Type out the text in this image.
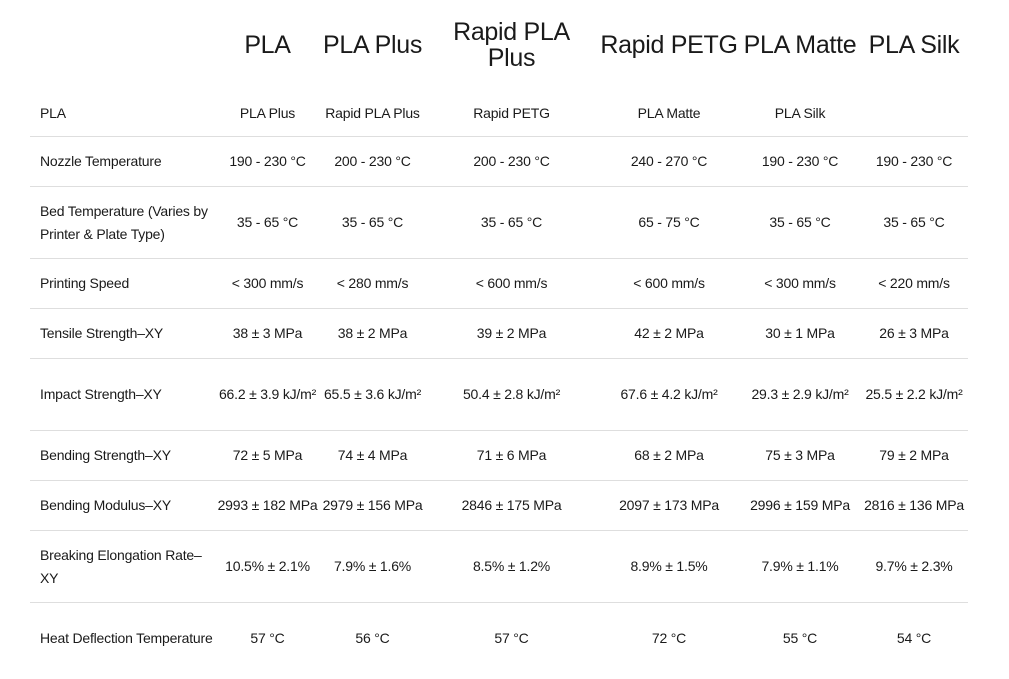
	PLA	PLA Plus	Rapid PLA Plus	Rapid PETG	PLA Matte	PLA Silk
PLA	PLA Plus	Rapid PLA Plus	Rapid PETG	PLA Matte	PLA Silk	
Nozzle Temperature	190 - 230 °C	200 - 230 °C	200 - 230 °C	240 - 270 °C	190 - 230 °C	190 - 230 °C
Bed Temperature (Varies by Printer & Plate Type)	35 - 65 °C	35 - 65 °C	35 - 65 °C	65 - 75 °C	35 - 65 °C	35 - 65 °C
Printing Speed	< 300 mm/s	< 280 mm/s	< 600 mm/s	< 600 mm/s	< 300 mm/s	< 220 mm/s
Tensile Strength–XY	38 ± 3 MPa	38 ± 2 MPa	39 ± 2 MPa	42 ± 2 MPa	30 ± 1 MPa	26 ± 3 MPa
Impact Strength–XY	66.2 ± 3.9 kJ/m²	65.5 ± 3.6 kJ/m²	50.4 ± 2.8 kJ/m²	67.6 ± 4.2 kJ/m²	29.3 ± 2.9 kJ/m²	25.5 ± 2.2 kJ/m²
Bending Strength–XY	72 ± 5 MPa	74 ± 4 MPa	71 ± 6 MPa	68 ± 2 MPa	75 ± 3 MPa	79 ± 2 MPa
Bending Modulus–XY	2993 ± 182 MPa	2979 ± 156 MPa	2846 ± 175 MPa	2097 ± 173 MPa	2996 ± 159 MPa	2816 ± 136 MPa
Breaking Elongation Rate–XY	10.5% ± 2.1%	7.9% ± 1.6%	8.5% ± 1.2%	8.9% ± 1.5%	7.9% ± 1.1%	9.7% ± 2.3%
Heat Deflection Temperature	57 °C	56 °C	57 °C	72 °C	55 °C	54 °C
